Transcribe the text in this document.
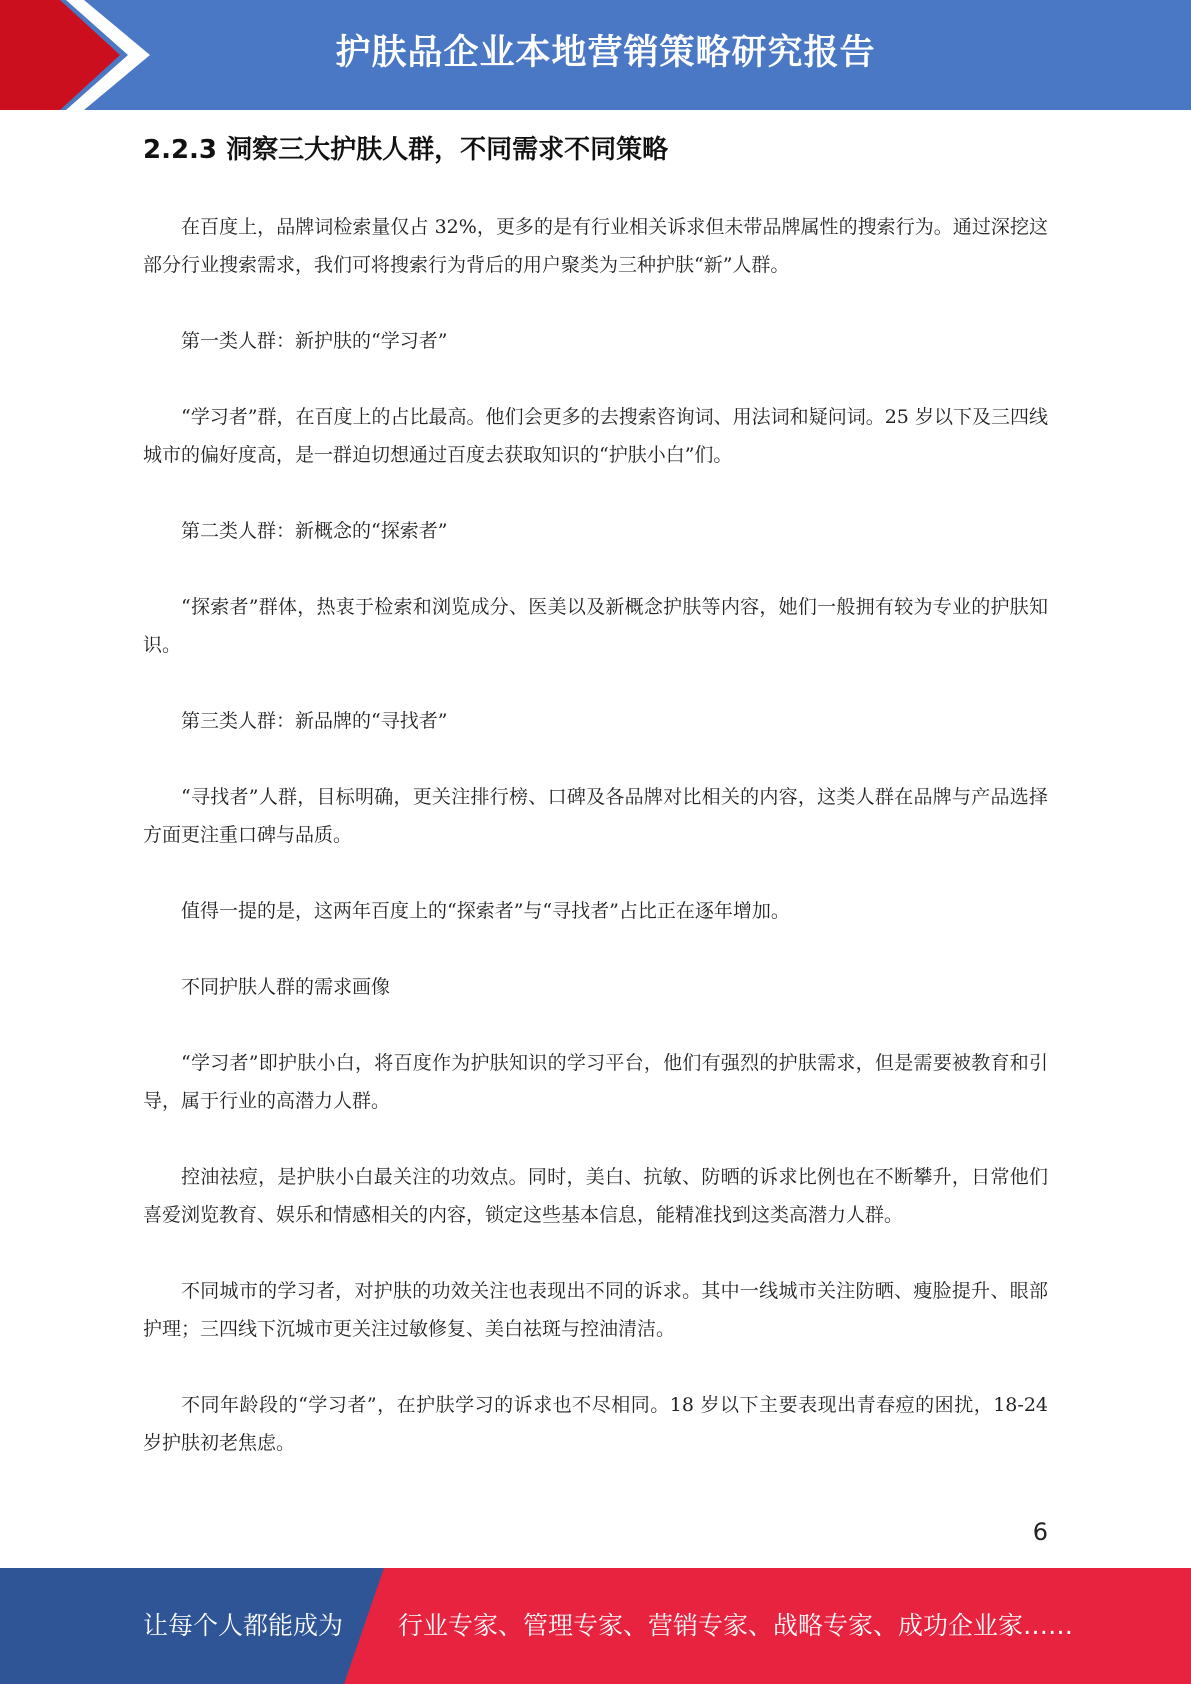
护肤品企业本地营销策略研究报告
2.2.3 洞察三大护肤人群，不同需求不同策略

在百度上，品牌词检索量仅占 32%，更多的是有行业相关诉求但未带品牌属性的搜索行为。通过深挖这部分行业搜索需求，我们可将搜索行为背后的用户聚类为三种护肤“新”人群。

第一类人群：新护肤的“学习者”

“学习者”群，在百度上的占比最高。他们会更多的去搜索咨询词、用法词和疑问词。25 岁以下及三四线城市的偏好度高，是一群迫切想通过百度去获取知识的“护肤小白”们。

第二类人群：新概念的“探索者”

“探索者”群体，热衷于检索和浏览成分、医美以及新概念护肤等内容，她们一般拥有较为专业的护肤知识。

第三类人群：新品牌的“寻找者”

“寻找者”人群，目标明确，更关注排行榜、口碑及各品牌对比相关的内容，这类人群在品牌与产品选择方面更注重口碑与品质。

值得一提的是，这两年百度上的“探索者”与“寻找者”占比正在逐年增加。

不同护肤人群的需求画像

“学习者”即护肤小白，将百度作为护肤知识的学习平台，他们有强烈的护肤需求，但是需要被教育和引导，属于行业的高潜力人群。

控油祛痘，是护肤小白最关注的功效点。同时，美白、抗敏、防晒的诉求比例也在不断攀升，日常他们喜爱浏览教育、娱乐和情感相关的内容，锁定这些基本信息，能精准找到这类高潜力人群。

不同城市的学习者，对护肤的功效关注也表现出不同的诉求。其中一线城市关注防晒、瘦脸提升、眼部护理；三四线下沉城市更关注过敏修复、美白祛斑与控油清洁。

不同年龄段的“学习者”，在护肤学习的诉求也不尽相同。18 岁以下主要表现出青春痘的困扰，18-24 岁护肤初老焦虑。

6
让每个人都能成为 行业专家、管理专家、营销专家、战略专家、成功企业家……
